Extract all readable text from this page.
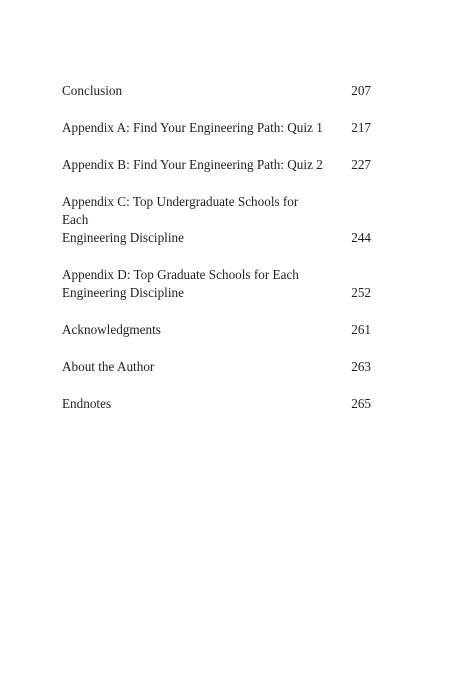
Conclusion	207
Appendix A: Find Your Engineering Path: Quiz 1	217
Appendix B: Find Your Engineering Path: Quiz 2	227
Appendix C: Top Undergraduate Schools for Each
Engineering Discipline	244
Appendix D: Top Graduate Schools for Each
Engineering Discipline	252
Acknowledgments	261
About the Author	263
Endnotes	265
